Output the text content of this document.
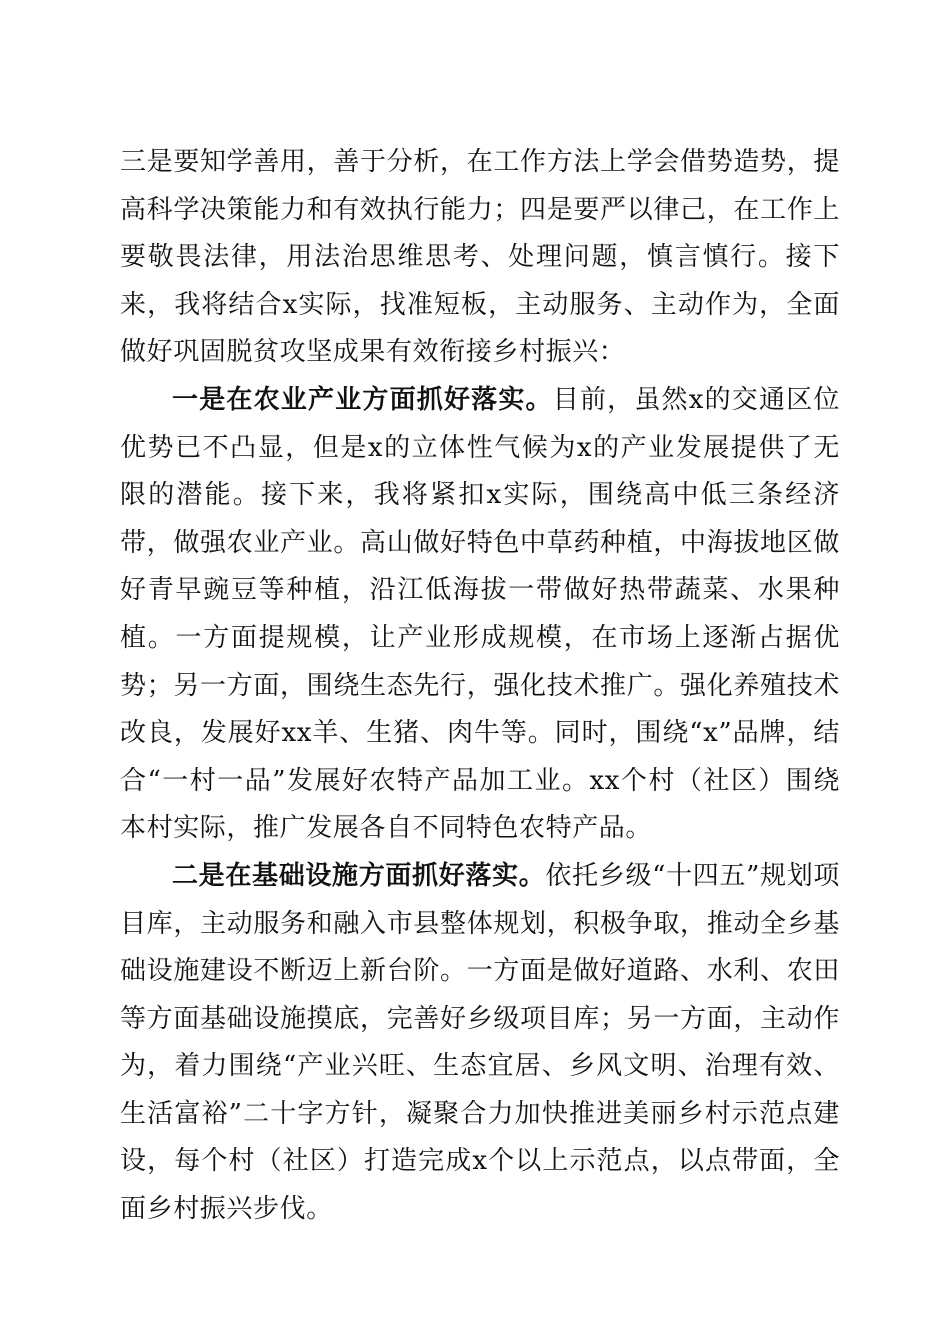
三是要知学善用，善于分析，在工作方法上学会借势造势，提高科学决策能力和有效执行能力；四是要严以律己，在工作上要敬畏法律，用法治思维思考、处理问题，慎言慎行。接下来，我将结合x实际，找准短板，主动服务、主动作为，全面做好巩固脱贫攻坚成果有效衔接乡村振兴：

一是在农业产业方面抓好落实。目前，虽然x的交通区位优势已不凸显，但是x的立体性气候为x的产业发展提供了无限的潜能。接下来，我将紧扣x实际，围绕高中低三条经济带，做强农业产业。高山做好特色中草药种植，中海拔地区做好青早豌豆等种植，沿江低海拔一带做好热带蔬菜、水果种植。一方面提规模，让产业形成规模，在市场上逐渐占据优势；另一方面，围绕生态先行，强化技术推广。强化养殖技术改良，发展好xx羊、生猪、肉牛等。同时，围绕“x”品牌，结合“一村一品”发展好农特产品加工业。xx个村（社区）围绕本村实际，推广发展各自不同特色农特产品。

二是在基础设施方面抓好落实。依托乡级“十四五”规划项目库，主动服务和融入市县整体规划，积极争取，推动全乡基础设施建设不断迈上新台阶。一方面是做好道路、水利、农田等方面基础设施摸底，完善好乡级项目库；另一方面，主动作为，着力围绕“产业兴旺、生态宜居、乡风文明、治理有效、生活富裕”二十字方针，凝聚合力加快推进美丽乡村示范点建设，每个村（社区）打造完成x个以上示范点，以点带面，全面乡村振兴步伐。
